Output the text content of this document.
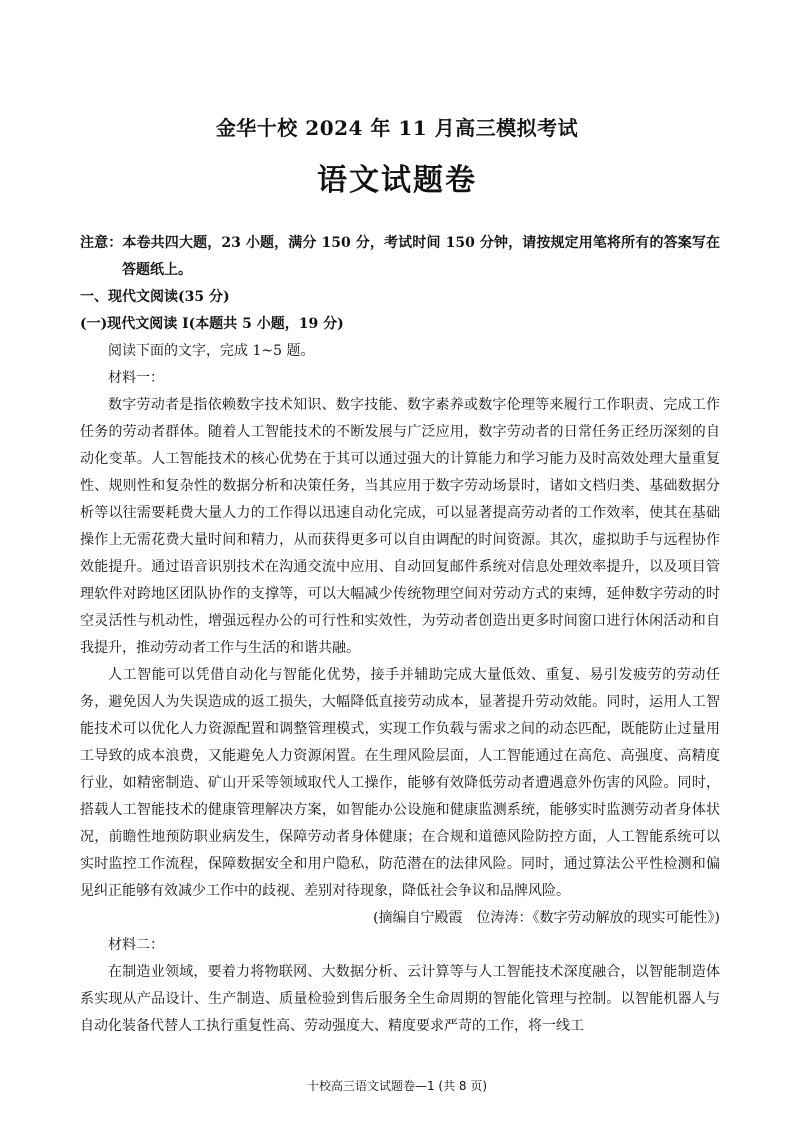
金华十校 2024 年 11 月高三模拟考试
语文试题卷

注意：本卷共四大题，23 小题，满分 150 分，考试时间 150 分钟，请按规定用笔将所有的答案写在答题纸上。

一、现代文阅读(35 分)

(一)现代文阅读 Ⅰ(本题共 5 小题，19 分)

阅读下面的文字，完成 1~5 题。

材料一：

数字劳动者是指依赖数字技术知识、数字技能、数字素养或数字伦理等来履行工作职责、完成工作任务的劳动者群体。随着人工智能技术的不断发展与广泛应用，数字劳动者的日常任务正经历深刻的自动化变革。人工智能技术的核心优势在于其可以通过强大的计算能力和学习能力及时高效处理大量重复性、规则性和复杂性的数据分析和决策任务，当其应用于数字劳动场景时，诸如文档归类、基础数据分析等以往需要耗费大量人力的工作得以迅速自动化完成，可以显著提高劳动者的工作效率，使其在基础操作上无需花费大量时间和精力，从而获得更多可以自由调配的时间资源。其次，虚拟助手与远程协作效能提升。通过语音识别技术在沟通交流中应用、自动回复邮件系统对信息处理效率提升，以及项目管理软件对跨地区团队协作的支撑等，可以大幅减少传统物理空间对劳动方式的束缚，延伸数字劳动的时空灵活性与机动性，增强远程办公的可行性和实效性，为劳动者创造出更多时间窗口进行休闲活动和自我提升，推动劳动者工作与生活的和谐共融。

人工智能可以凭借自动化与智能化优势，接手并辅助完成大量低效、重复、易引发疲劳的劳动任务，避免因人为失误造成的返工损失，大幅降低直接劳动成本，显著提升劳动效能。同时，运用人工智能技术可以优化人力资源配置和调整管理模式，实现工作负载与需求之间的动态匹配，既能防止过量用工导致的成本浪费，又能避免人力资源闲置。在生理风险层面，人工智能通过在高危、高强度、高精度行业，如精密制造、矿山开采等领域取代人工操作，能够有效降低劳动者遭遇意外伤害的风险。同时，搭载人工智能技术的健康管理解决方案，如智能办公设施和健康监测系统，能够实时监测劳动者身体状况，前瞻性地预防职业病发生，保障劳动者身体健康；在合规和道德风险防控方面，人工智能系统可以实时监控工作流程，保障数据安全和用户隐私，防范潜在的法律风险。同时，通过算法公平性检测和偏见纠正能够有效减少工作中的歧视、差别对待现象，降低社会争议和品牌风险。

(摘编自宁殿霞　位涛涛：《数字劳动解放的现实可能性》)

材料二：

在制造业领域，要着力将物联网、大数据分析、云计算等与人工智能技术深度融合，以智能制造体系实现从产品设计、生产制造、质量检验到售后服务全生命周期的智能化管理与控制。以智能机器人与自动化装备代替人工执行重复性高、劳动强度大、精度要求严苛的工作，将一线工

十校高三语文试题卷—1 (共 8 页)
